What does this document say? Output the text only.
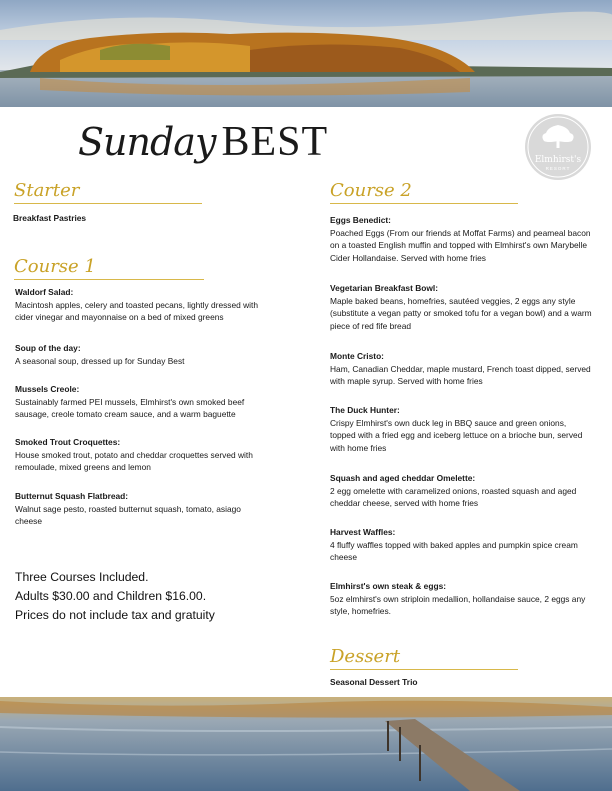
Sunday BEST	Elmhirst's
RESORT
Starter
Breakfast Pastries
Course 1
Waldorf Salad:
Macintosh apples, celery and toasted pecans, lightly dressed with cider vinegar and mayonnaise on a bed of mixed greens
Soup of the day:
A seasonal soup, dressed up for Sunday Best
Mussels Creole:
Sustainably farmed PEI mussels, Elmhirst's own smoked beef sausage, creole tomato cream sauce, and a warm baguette
Smoked Trout Croquettes:
House smoked trout, potato and cheddar croquettes served with remoulade, mixed greens and lemon
Butternut Squash Flatbread:
Walnut sage pesto, roasted butternut squash, tomato, asiago cheese
Three Courses Included.
Adults $30.00 and Children $16.00.
Prices do not include tax and gratuity
Course 2
Eggs Benedict:
Poached Eggs (From our friends at Moffat Farms) and peameal bacon on a toasted English muffin and topped with Elmhirst's own Marybelle Cider Hollandaise. Served with home fries
Vegetarian Breakfast Bowl:
Maple baked beans, homefries, sautéed veggies, 2 eggs any style (substitute a vegan patty or smoked tofu for a vegan bowl) and a warm piece of red fife bread
Monte Cristo:
Ham, Canadian Cheddar, maple mustard, French toast dipped, served with maple syrup. Served with home fries
The Duck Hunter:
Crispy Elmhirst's own duck leg in BBQ sauce and green onions, topped with a fried egg and iceberg lettuce on a brioche bun, served with home fries
Squash and aged cheddar Omelette:
2 egg omelette with caramelized onions, roasted squash and aged cheddar cheese, served with home fries
Harvest Waffles:
4 fluffy waffles topped with baked apples and pumpkin spice cream cheese
Elmhirst's own steak & eggs:
5oz elmhirst's own striploin medallion, hollandaise sauce, 2 eggs any style, homefries.
Dessert
Seasonal Dessert Trio
